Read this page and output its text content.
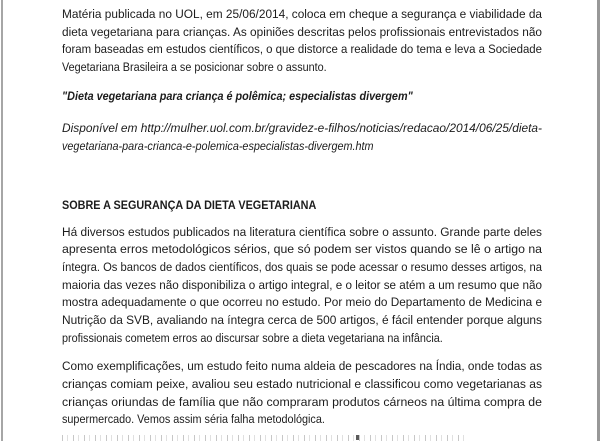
Matéria publicada no UOL, em 25/06/2014, coloca em cheque a segurança e viabilidade da
dieta vegetariana para crianças. As opiniões descritas pelos profissionais entrevistados não
foram baseadas em estudos científicos, o que distorce a realidade do tema e leva a Sociedade
Vegetariana Brasileira a se posicionar sobre o assunto.
"Dieta vegetariana para criança é polêmica; especialistas divergem"
Disponível em http://mulher.uol.com.br/gravidez-e-filhos/noticias/redacao/2014/06/25/dieta-
vegetariana-para-crianca-e-polemica-especialistas-divergem.htm
SOBRE A SEGURANÇA DA DIETA VEGETARIANA
Há diversos estudos publicados na literatura científica sobre o assunto. Grande parte deles
apresenta erros metodológicos sérios, que só podem ser vistos quando se lê o artigo na
íntegra. Os bancos de dados científicos, dos quais se pode acessar o resumo desses artigos, na
maioria das vezes não disponibiliza o artigo integral, e o leitor se atém a um resumo que não
mostra adequadamente o que ocorreu no estudo. Por meio do Departamento de Medicina e
Nutrição da SVB, avaliando na íntegra cerca de 500 artigos, é fácil entender porque alguns
profissionais cometem erros ao discursar sobre a dieta vegetariana na infância.
Como exemplificações, um estudo feito numa aldeia de pescadores na Índia, onde todas as
crianças comiam peixe, avaliou seu estado nutricional e classificou como vegetarianas as
crianças oriundas de família que não compraram produtos cárneos na última compra de
supermercado. Vemos assim séria falha metodológica.
